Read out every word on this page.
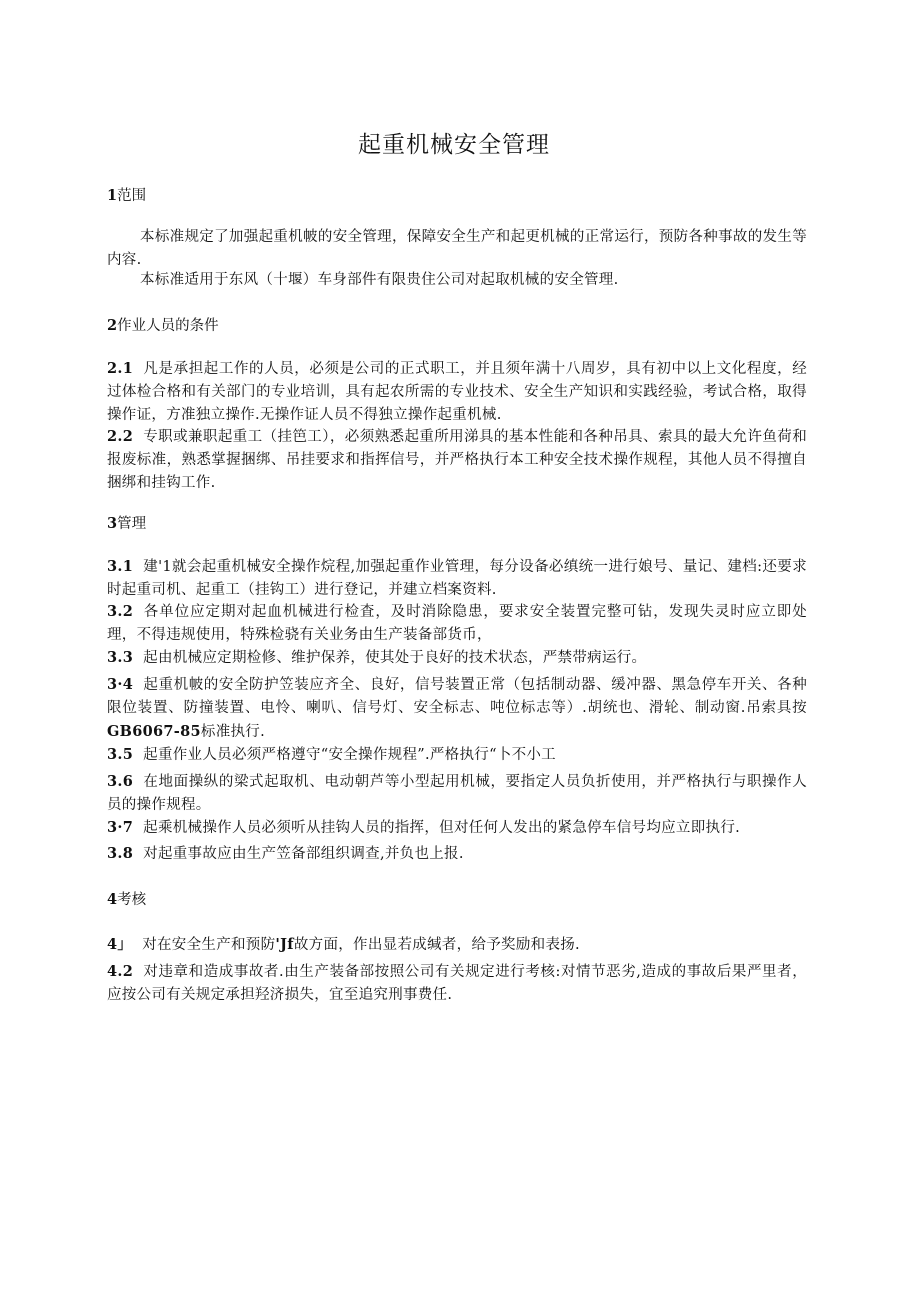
起重机械安全管理
1范围
本标准规定了加强起重机帔的安全管理，保障安全生产和起更机械的正常运行，预防各种事故的发生等内容.
本标准适用于东风（十堰）车身部件有限贵住公司对起取机械的安全管理.
2作业人员的条件
2.1 凡是承担起工作的人员，必须是公司的正式职工，并且须年满十八周岁，具有初中以上文化程度，经过体检合格和有关部门的专业培训，具有起农所需的专业技术、安全生产知识和实践经验，考试合格，取得操作证，方准独立操作.无操作证人员不得独立操作起重机械.
2.2 专职或兼职起重工（挂笆工），必须熟悉起重所用涕具的基本性能和各种吊具、索具的最大允许鱼荷和报废标准，熟悉掌握捆绑、吊挂要求和指挥信号，并严格执行本工种安全技术操作规程，其他人员不得擅自捆绑和挂钩工作.
3管理
3.1 建'1就会起重机械安全操作烷程,加强起重作业管理，每分设备必缜统一进行娘号、量记、建档:还要求时起重司机、起重工（挂钩工）进行登记，并建立档案资料.
3.2 各单位应定期对起血机械进行检査，及时消除隐患，要求安全装置完整可钻，发现失灵时应立即处理，不得违规使用，特殊检骁有关业务由生产装备部货币，
3.3 起由机械应定期检修、维护保养，使其处于良好的技术状态，严禁带病运行。
3·4 起重机帔的安全防护笠装应齐全、良好，信号装置正常（包括制动器、缓冲器、黑急停车开关、各种限位装置、防撞装置、电怜、喇叭、信号灯、安全标志、吨位标志等）.胡统也、滑轮、制动窗.吊索具按GB6067-85标准执行.
3.5 起重作业人员必须严格遵守“安全操作规程”.严格执行“卜不小工
3.6 在地面操纵的梁式起取机、电动朝芦等小型起用机械，要指定人员负折使用，并严格执行与职操作人员的操作规程。
3·7 起乘机械操作人员必须听从挂钩人员的指挥，但对任何人发出的紧急停车信号均应立即执行.
3.8 对起重事故应由生产笠备部组织调查,并负也上报.
4考核
4」 对在安全生产和预防'Jf故方面，作出显若成缄者，给予奖励和表扬.
4.2 对违章和造成事故者.由生产装备部按照公司有关规定进行考核:对情节恶劣,造成的事故后果严里者，应按公司有关规定承担羟济损失，宜至追究刑事费任.
